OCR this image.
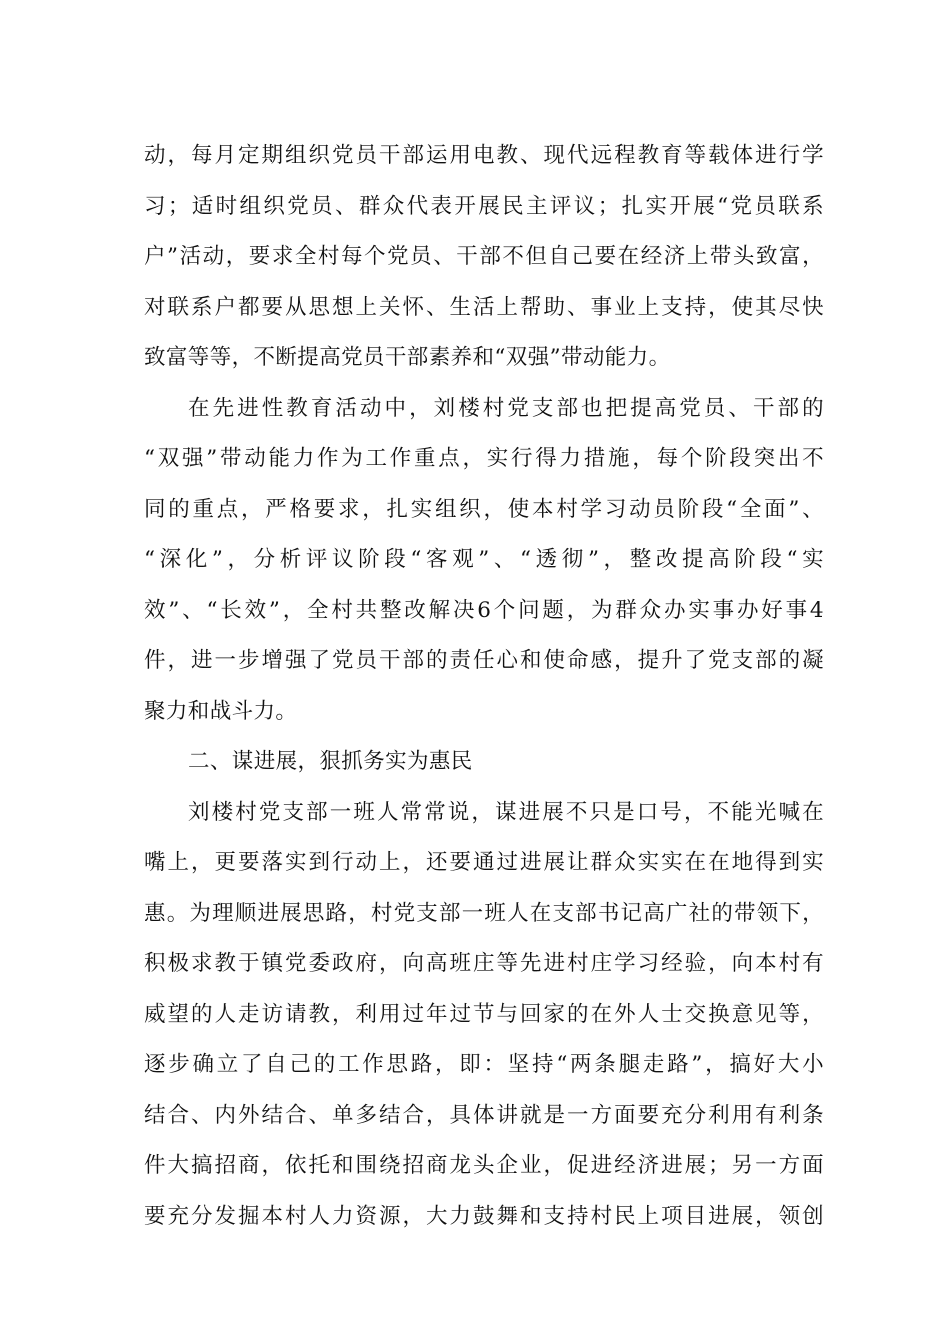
动，每月定期组织党员干部运用电教、现代远程教育等载体进行学
习；适时组织党员、群众代表开展民主评议；扎实开展“党员联系
户”活动，要求全村每个党员、干部不但自己要在经济上带头致富，
对联系户都要从思想上关怀、生活上帮助、事业上支持，使其尽快
致富等等，不断提高党员干部素养和“双强”带动能力。
在先进性教育活动中，刘楼村党支部也把提高党员、干部的
“双强”带动能力作为工作重点，实行得力措施，每个阶段突出不
同的重点，严格要求，扎实组织，使本村学习动员阶段“全面”、
“深化”，分析评议阶段“客观”、“透彻”，整改提高阶段“实
效”、“长效”，全村共整改解决6个问题，为群众办实事办好事4
件，进一步增强了党员干部的责任心和使命感，提升了党支部的凝
聚力和战斗力。
二、谋进展，狠抓务实为惠民
刘楼村党支部一班人常常说，谋进展不只是口号，不能光喊在
嘴上，更要落实到行动上，还要通过进展让群众实实在在地得到实
惠。为理顺进展思路，村党支部一班人在支部书记高广社的带领下，
积极求教于镇党委政府，向高班庄等先进村庄学习经验，向本村有
威望的人走访请教，利用过年过节与回家的在外人士交换意见等，
逐步确立了自己的工作思路，即：坚持“两条腿走路”，搞好大小
结合、内外结合、单多结合，具体讲就是一方面要充分利用有利条
件大搞招商，依托和围绕招商龙头企业，促进经济进展；另一方面
要充分发掘本村人力资源，大力鼓舞和支持村民上项目进展，领创
